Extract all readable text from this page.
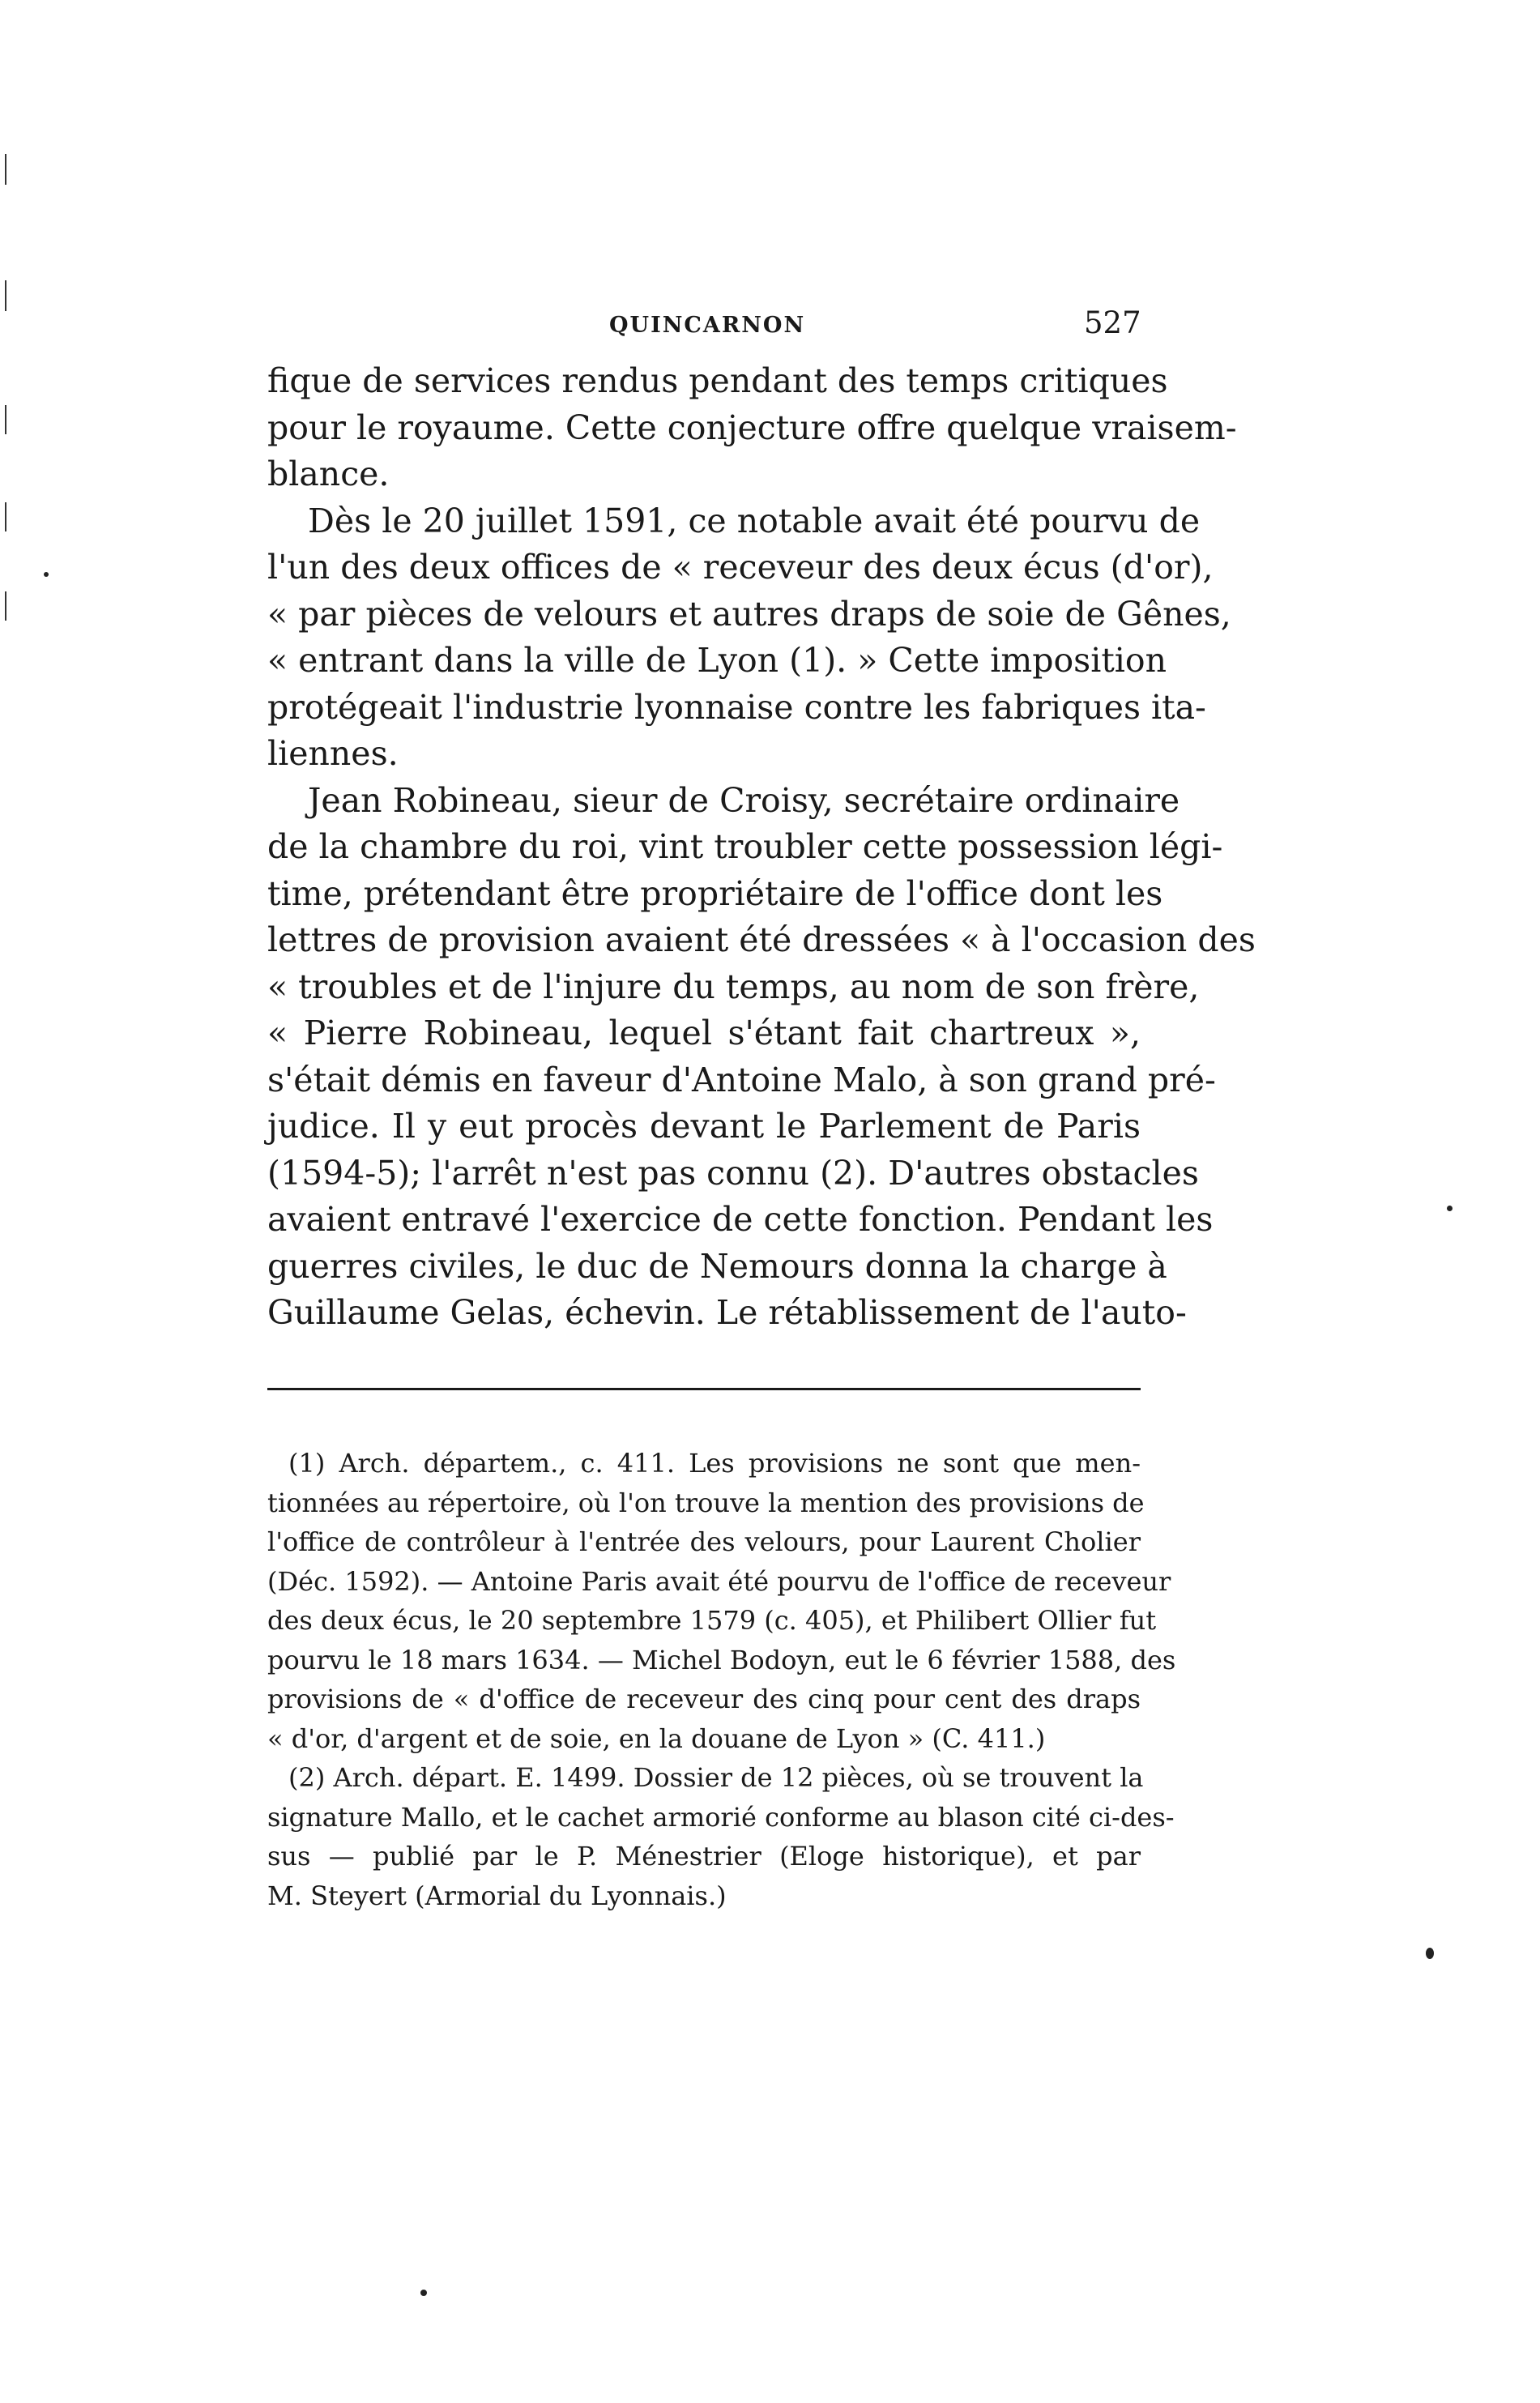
QUINCARNON	527
fique de services rendus pendant des temps critiques
pour le royaume. Cette conjecture offre quelque vraisem-
blance.
Dès le 20 juillet 1591, ce notable avait été pourvu de
l'un des deux offices de « receveur des deux écus (d'or),
« par pièces de velours et autres draps de soie de Gênes,
« entrant dans la ville de Lyon (1). » Cette imposition
protégeait l'industrie lyonnaise contre les fabriques ita-
liennes.
Jean Robineau, sieur de Croisy, secrétaire ordinaire
de la chambre du roi, vint troubler cette possession légi-
time, prétendant être propriétaire de l'office dont les
lettres de provision avaient été dressées « à l'occasion des
« troubles et de l'injure du temps, au nom de son frère,
« Pierre Robineau, lequel s'étant fait chartreux »,
s'était démis en faveur d'Antoine Malo, à son grand pré-
judice. Il y eut procès devant le Parlement de Paris
(1594-5); l'arrêt n'est pas connu (2). D'autres obstacles
avaient entravé l'exercice de cette fonction. Pendant les
guerres civiles, le duc de Nemours donna la charge à
Guillaume Gelas, échevin. Le rétablissement de l'auto-
(1) Arch. départem., c. 411. Les provisions ne sont que men-
tionnées au répertoire, où l'on trouve la mention des provisions de
l'office de contrôleur à l'entrée des velours, pour Laurent Cholier
(Déc. 1592). — Antoine Paris avait été pourvu de l'office de receveur
des deux écus, le 20 septembre 1579 (c. 405), et Philibert Ollier fut
pourvu le 18 mars 1634. — Michel Bodoyn, eut le 6 février 1588, des
provisions de « d'office de receveur des cinq pour cent des draps
« d'or, d'argent et de soie, en la douane de Lyon » (C. 411.)
(2) Arch. départ. E. 1499. Dossier de 12 pièces, où se trouvent la
signature Mallo, et le cachet armorié conforme au blason cité ci-des-
sus — publié par le P. Ménestrier (Eloge historique), et par
M. Steyert (Armorial du Lyonnais.)
